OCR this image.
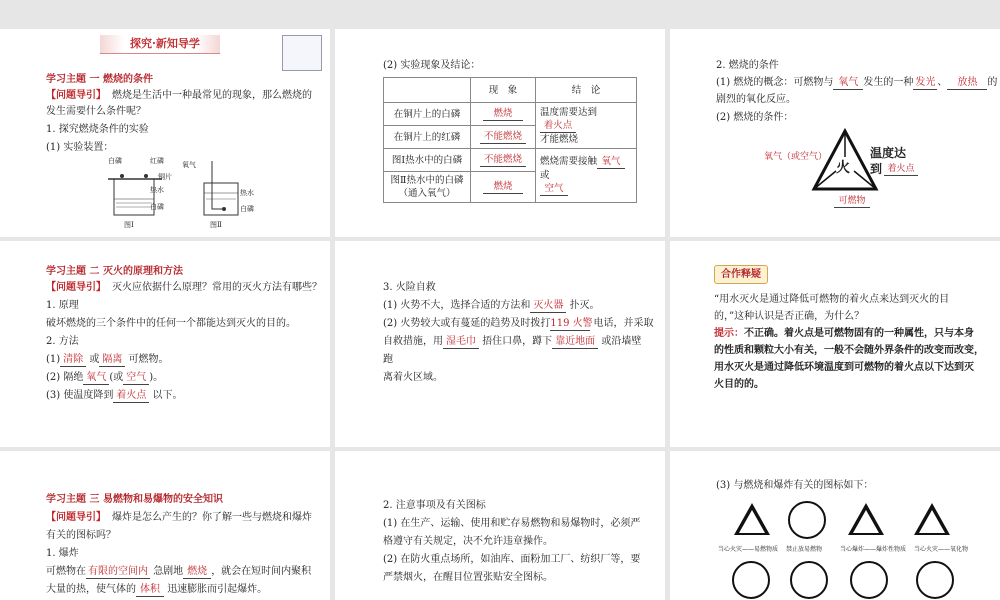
探究·新知导学
学习主题 一 燃烧的条件
【问题导引】 燃烧是生活中一种最常见的现象，那么燃烧的
发生需要什么条件呢？
1. 探究燃烧条件的实验
(1) 实验装置：
白磷	红磷
铜片
热水
白磷
氧气
热水
白磷
图Ⅰ	图Ⅱ
(2) 实验现象及结论：
	现　象	结　论
在铜片上的白磷	燃烧	温度需要达到着火点
才能燃烧
在铜片上的红磷	不能燃烧	
图Ⅰ热水中的白磷	不能燃烧	燃烧需要接触 氧气 或
空气
图Ⅱ热水中的白磷
（通入氧气）	燃烧	
2. 燃烧的条件
(1) 燃烧的概念：可燃物与 氧气 发生的一种 发光 、 放热 的
剧烈的氧化反应。
(2) 燃烧的条件：
火
氧气（或空气）	温度达
到 着火点
可燃物
学习主题 二 灭火的原理和方法
【问题导引】 灭火应依据什么原理？常用的灭火方法有哪些？
1. 原理
破坏燃烧的三个条件中的任何一个都能达到灭火的目的。
2. 方法
(1) 清除 或 隔离 可燃物。
(2) 隔绝 氧气 (或 空气 )。
(3) 使温度降到 着火点 以下。
3. 火险自救
(1) 火势不大，选择合适的方法和 灭火器 扑灭。
(2) 火势较大或有蔓延的趋势及时拨打119 火警 电话，并采取
自救措施，用 湿毛巾 捂住口鼻，蹲下 靠近地面 或沿墙壁
跑
离着火区域。
合作释疑
“用水灭火是通过降低可燃物的着火点来达到灭火的目
的，”这种认识是否正确，为什么？
提示：不正确。着火点是可燃物固有的一种属性，只与本身
的性质和颗粒大小有关，一般不会随外界条件的改变而改变，
用水灭火是通过降低环境温度到可燃物的着火点以下达到灭
火目的的。
学习主题 三 易燃物和易爆物的安全知识
【问题导引】 爆炸是怎么产生的？你了解一些与燃烧和爆炸
有关的图标吗？
1. 爆炸
可燃物在 有限的空间内 急剧地 燃烧 ，就会在短时间内聚积
大量的热，使气体的 体积 迅速膨胀而引起爆炸。
2. 注意事项及有关图标
(1) 在生产、运输、使用和贮存易燃物和易爆物时，必须严
格遵守有关规定，决不允许违章操作。
(2) 在防火重点场所，如油库、面粉加工厂、纺织厂等，要
严禁烟火，在醒目位置张贴安全图标。
(3) 与燃烧和爆炸有关的图标如下：
当心火灾——易燃物质 禁止放易燃物	当心爆炸——爆炸性物质 当心火灾——氧化物
